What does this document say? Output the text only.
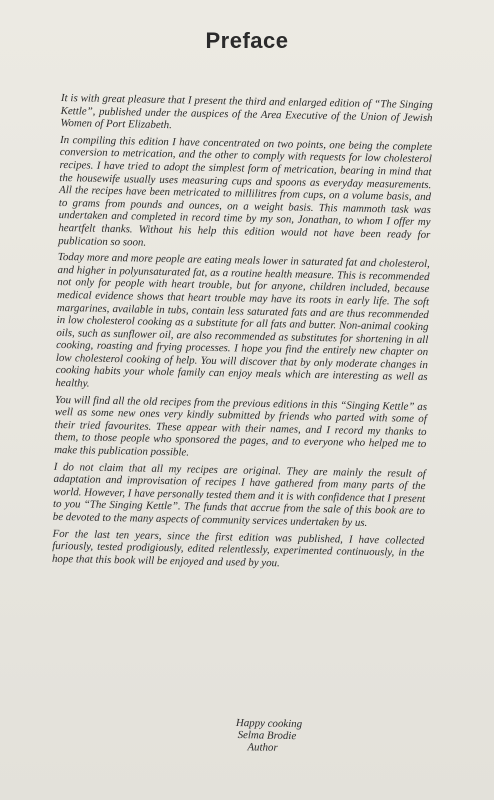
Preface

It is with great pleasure that I present the third and enlarged edition of “The Singing Kettle”, published under the auspices of the Area Executive of the Union of Jewish Women of Port Elizabeth.

In compiling this edition I have concentrated on two points, one being the complete conversion to metrication, and the other to comply with requests for low cholesterol recipes. I have tried to adopt the simplest form of metrication, bearing in mind that the housewife usually uses measuring cups and spoons as everyday measurements. All the recipes have been metricated to millilitres from cups, on a volume basis, and to grams from pounds and ounces, on a weight basis. This mammoth task was undertaken and completed in record time by my son, Jonathan, to whom I offer my heartfelt thanks. Without his help this edition would not have been ready for publication so soon.

Today more and more people are eating meals lower in saturated fat and cholesterol, and higher in polyunsaturated fat, as a routine health measure. This is recommended not only for people with heart trouble, but for anyone, children included, because medical evidence shows that heart trouble may have its roots in early life. The soft margarines, available in tubs, contain less saturated fats and are thus recommended in low cholesterol cooking as a substitute for all fats and butter. Non-animal cooking oils, such as sunflower oil, are also recommended as substitutes for shortening in all cooking, roasting and frying processes. I hope you find the entirely new chapter on low cholesterol cooking of help. You will discover that by only moderate changes in cooking habits your whole family can enjoy meals which are interesting as well as healthy.

You will find all the old recipes from the previous editions in this “Singing Kettle” as well as some new ones very kindly submitted by friends who parted with some of their tried favourites. These appear with their names, and I record my thanks to them, to those people who sponsored the pages, and to everyone who helped me to make this publication possible.

I do not claim that all my recipes are original. They are mainly the result of adaptation and improvisation of recipes I have gathered from many parts of the world. However, I have personally tested them and it is with confidence that I present to you “The Singing Kettle”. The funds that accrue from the sale of this book are to be devoted to the many aspects of community services undertaken by us.

For the last ten years, since the first edition was published, I have collected furiously, tested prodigiously, edited relentlessly, experimented continuously, in the hope that this book will be enjoyed and used by you.

Happy cooking
Selma Brodie
Author
